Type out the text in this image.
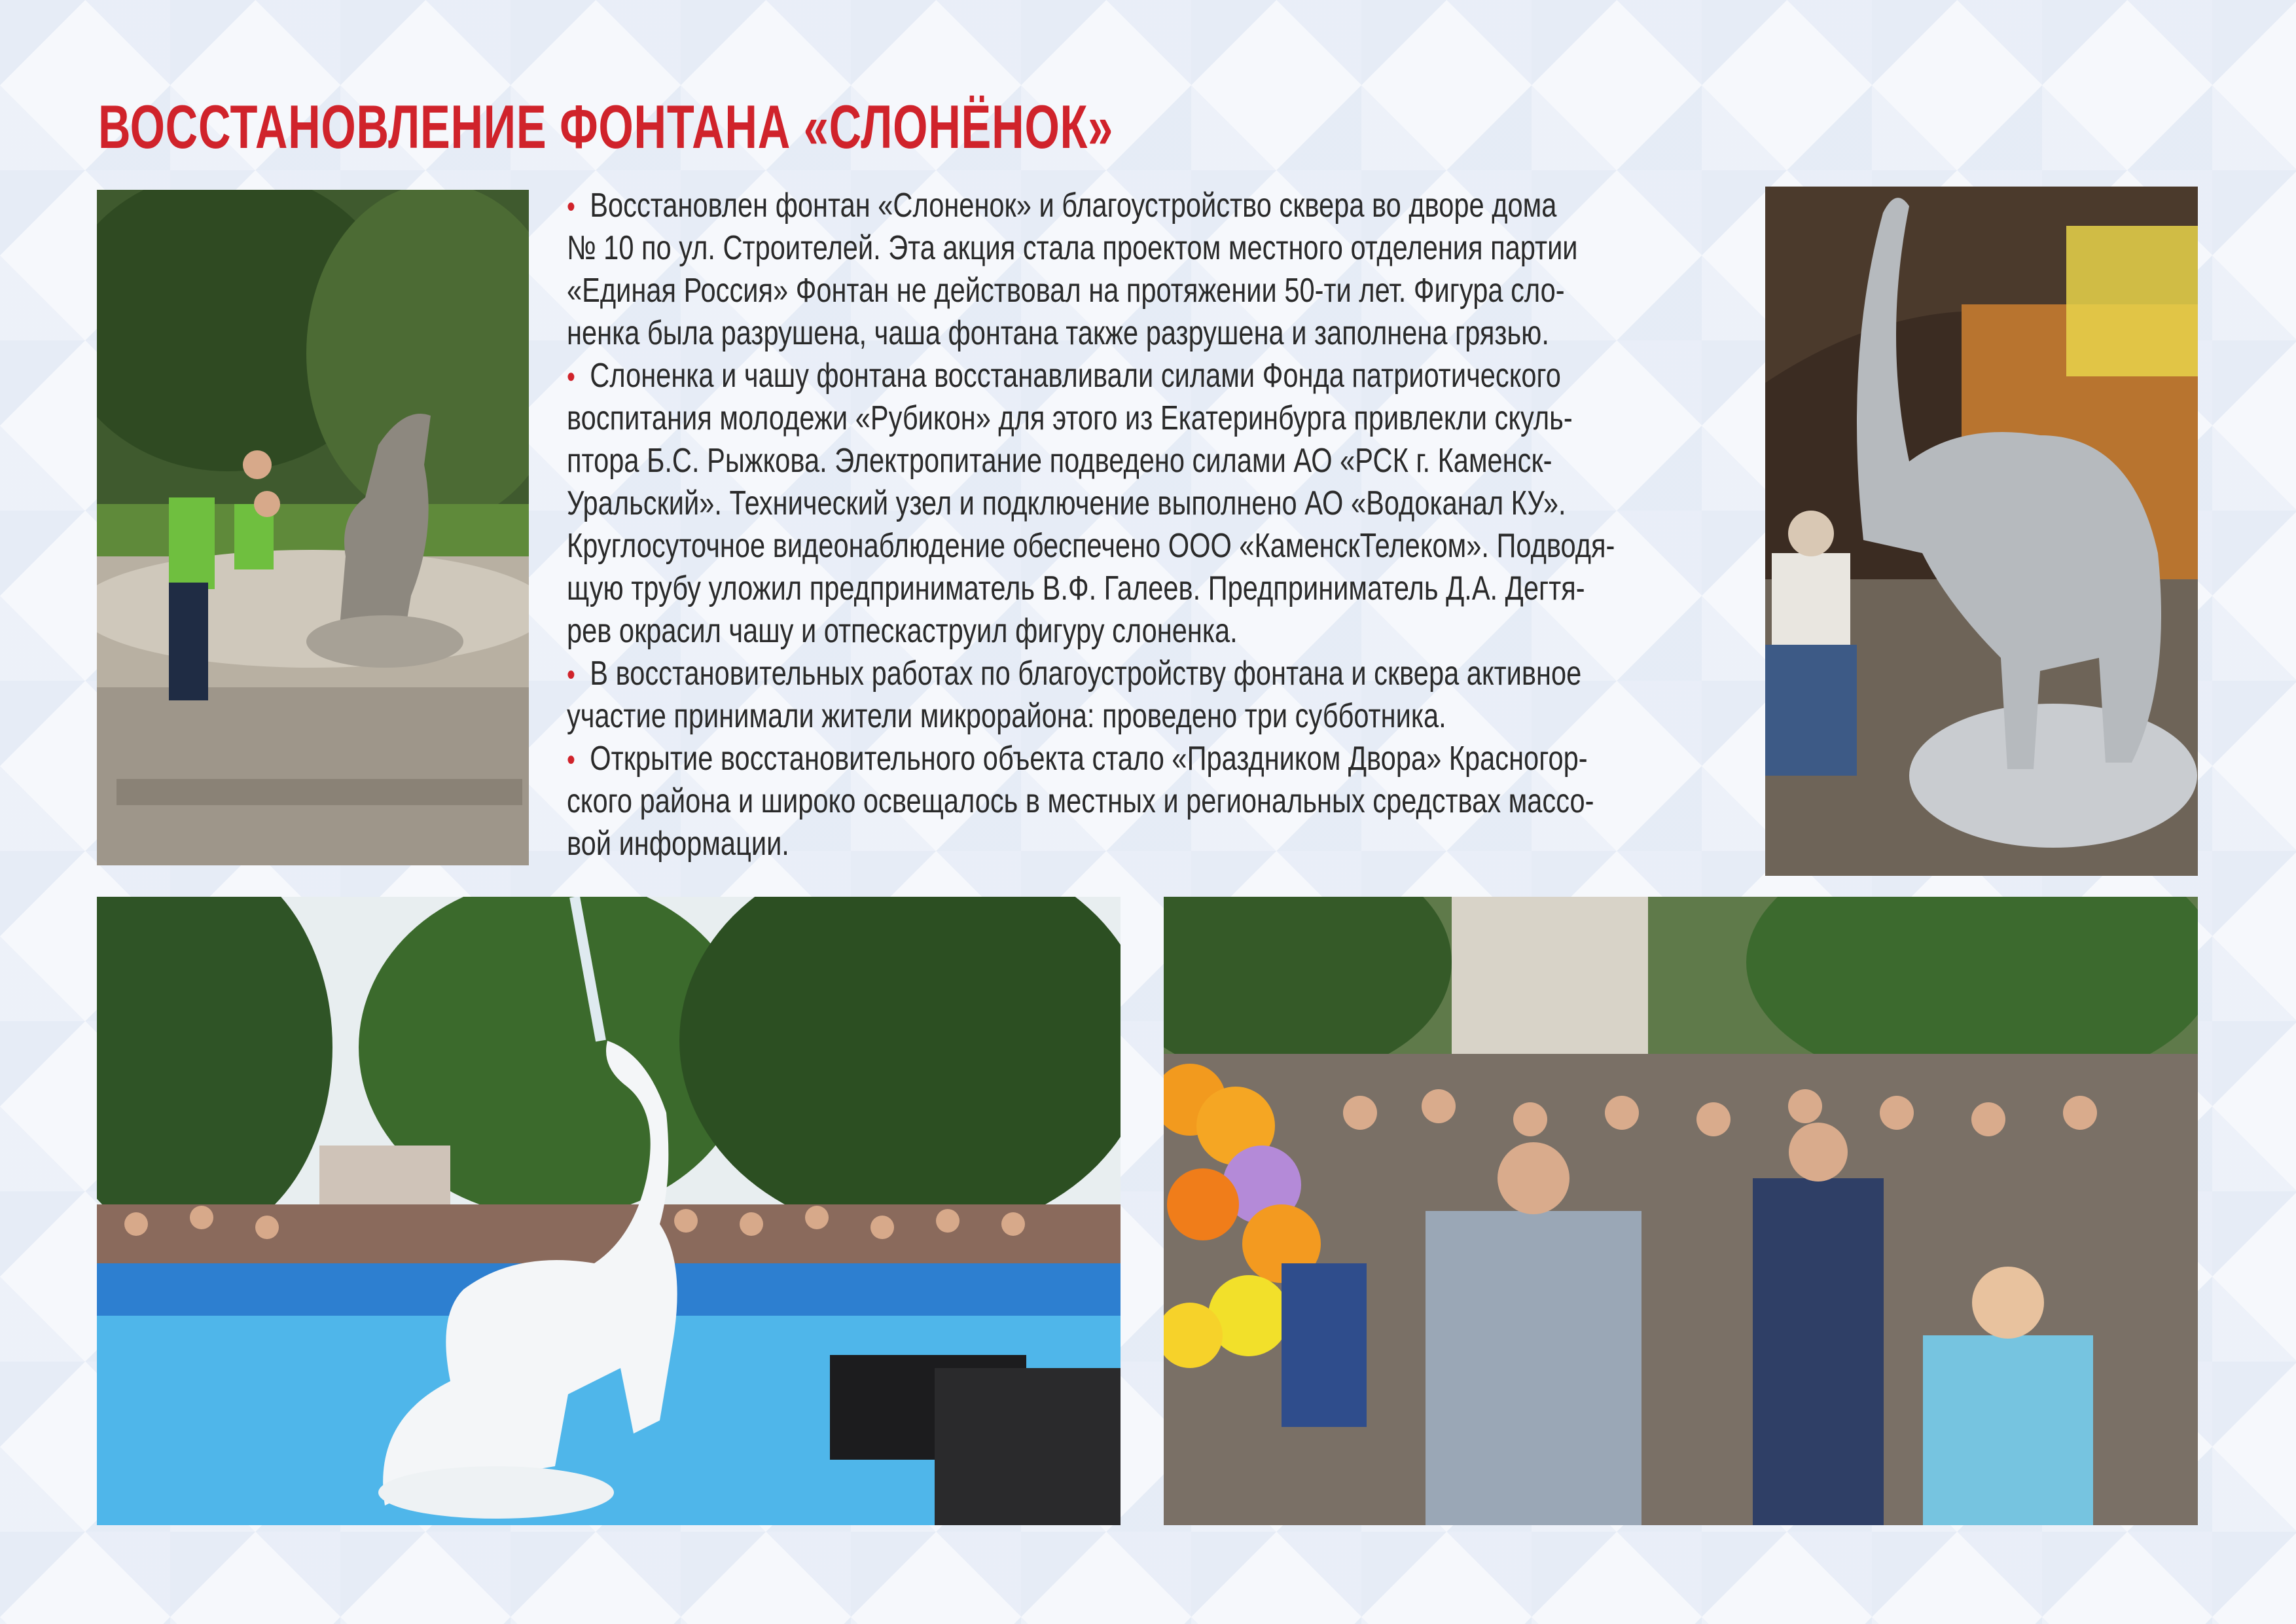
ВОССТАНОВЛЕНИЕ ФОНТАНА «СЛОНЁНОК»
• Восстановлен фонтан «Слоненок» и благоустройство сквера во дворе дома
№ 10 по ул. Строителей. Эта акция стала проектом местного отделения партии
«Единая Россия» Фонтан не действовал на протяжении 50-ти лет. Фигура сло-
ненка была разрушена, чаша фонтана также разрушена и заполнена грязью.
• Слоненка и чашу фонтана восстанавливали силами Фонда патриотического
воспитания молодежи «Рубикон» для этого из Екатеринбурга привлекли скуль-
птора Б.С. Рыжкова. Электропитание подведено силами АО «РСК г. Каменск-
Уральский». Технический узел и подключение выполнено АО «Водоканал КУ».
Круглосуточное видеонаблюдение обеспечено ООО «КаменскТелеком». Подводя-
щую трубу уложил предприниматель В.Ф. Галеев. Предприниматель Д.А. Дегтя-
рев окрасил чашу и отпескаструил фигуру слоненка.
• В восстановительных работах по благоустройству фонтана и сквера активное
участие принимали жители микрорайона: проведено три субботника.
• Открытие восстановительного объекта стало «Праздником Двора» Красногор-
ского района и широко освещалось в местных и региональных средствах массо-
вой информации.
